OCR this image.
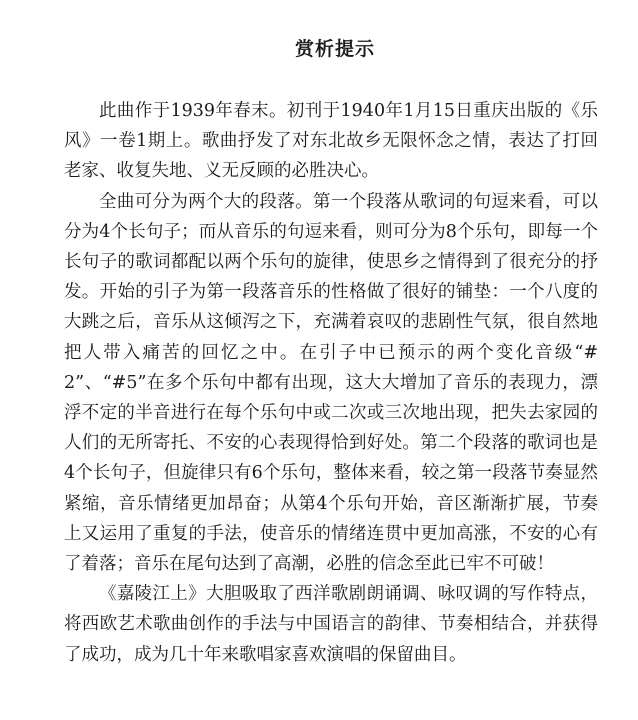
赏析提示

此曲作于1939年春末。初刊于1940年1月15日重庆出版的《乐风》一卷1期上。歌曲抒发了对东北故乡无限怀念之情，表达了打回老家、收复失地、义无反顾的必胜决心。

全曲可分为两个大的段落。第一个段落从歌词的句逗来看，可以分为4个长句子；而从音乐的句逗来看，则可分为8个乐句，即每一个长句子的歌词都配以两个乐句的旋律，使思乡之情得到了很充分的抒发。开始的引子为第一段落音乐的性格做了很好的铺垫：一个八度的大跳之后，音乐从这倾泻之下，充满着哀叹的悲剧性气氛，很自然地把人带入痛苦的回忆之中。在引子中已预示的两个变化音级“#2”、“#5”在多个乐句中都有出现，这大大增加了音乐的表现力，漂浮不定的半音进行在每个乐句中或二次或三次地出现，把失去家园的人们的无所寄托、不安的心表现得恰到好处。第二个段落的歌词也是4个长句子，但旋律只有6个乐句，整体来看，较之第一段落节奏显然紧缩，音乐情绪更加昂奋；从第4个乐句开始，音区渐渐扩展，节奏上又运用了重复的手法，使音乐的情绪连贯中更加高涨，不安的心有了着落；音乐在尾句达到了高潮，必胜的信念至此已牢不可破！

《嘉陵江上》大胆吸取了西洋歌剧朗诵调、咏叹调的写作特点，将西欧艺术歌曲创作的手法与中国语言的韵律、节奏相结合，并获得了成功，成为几十年来歌唱家喜欢演唱的保留曲目。
